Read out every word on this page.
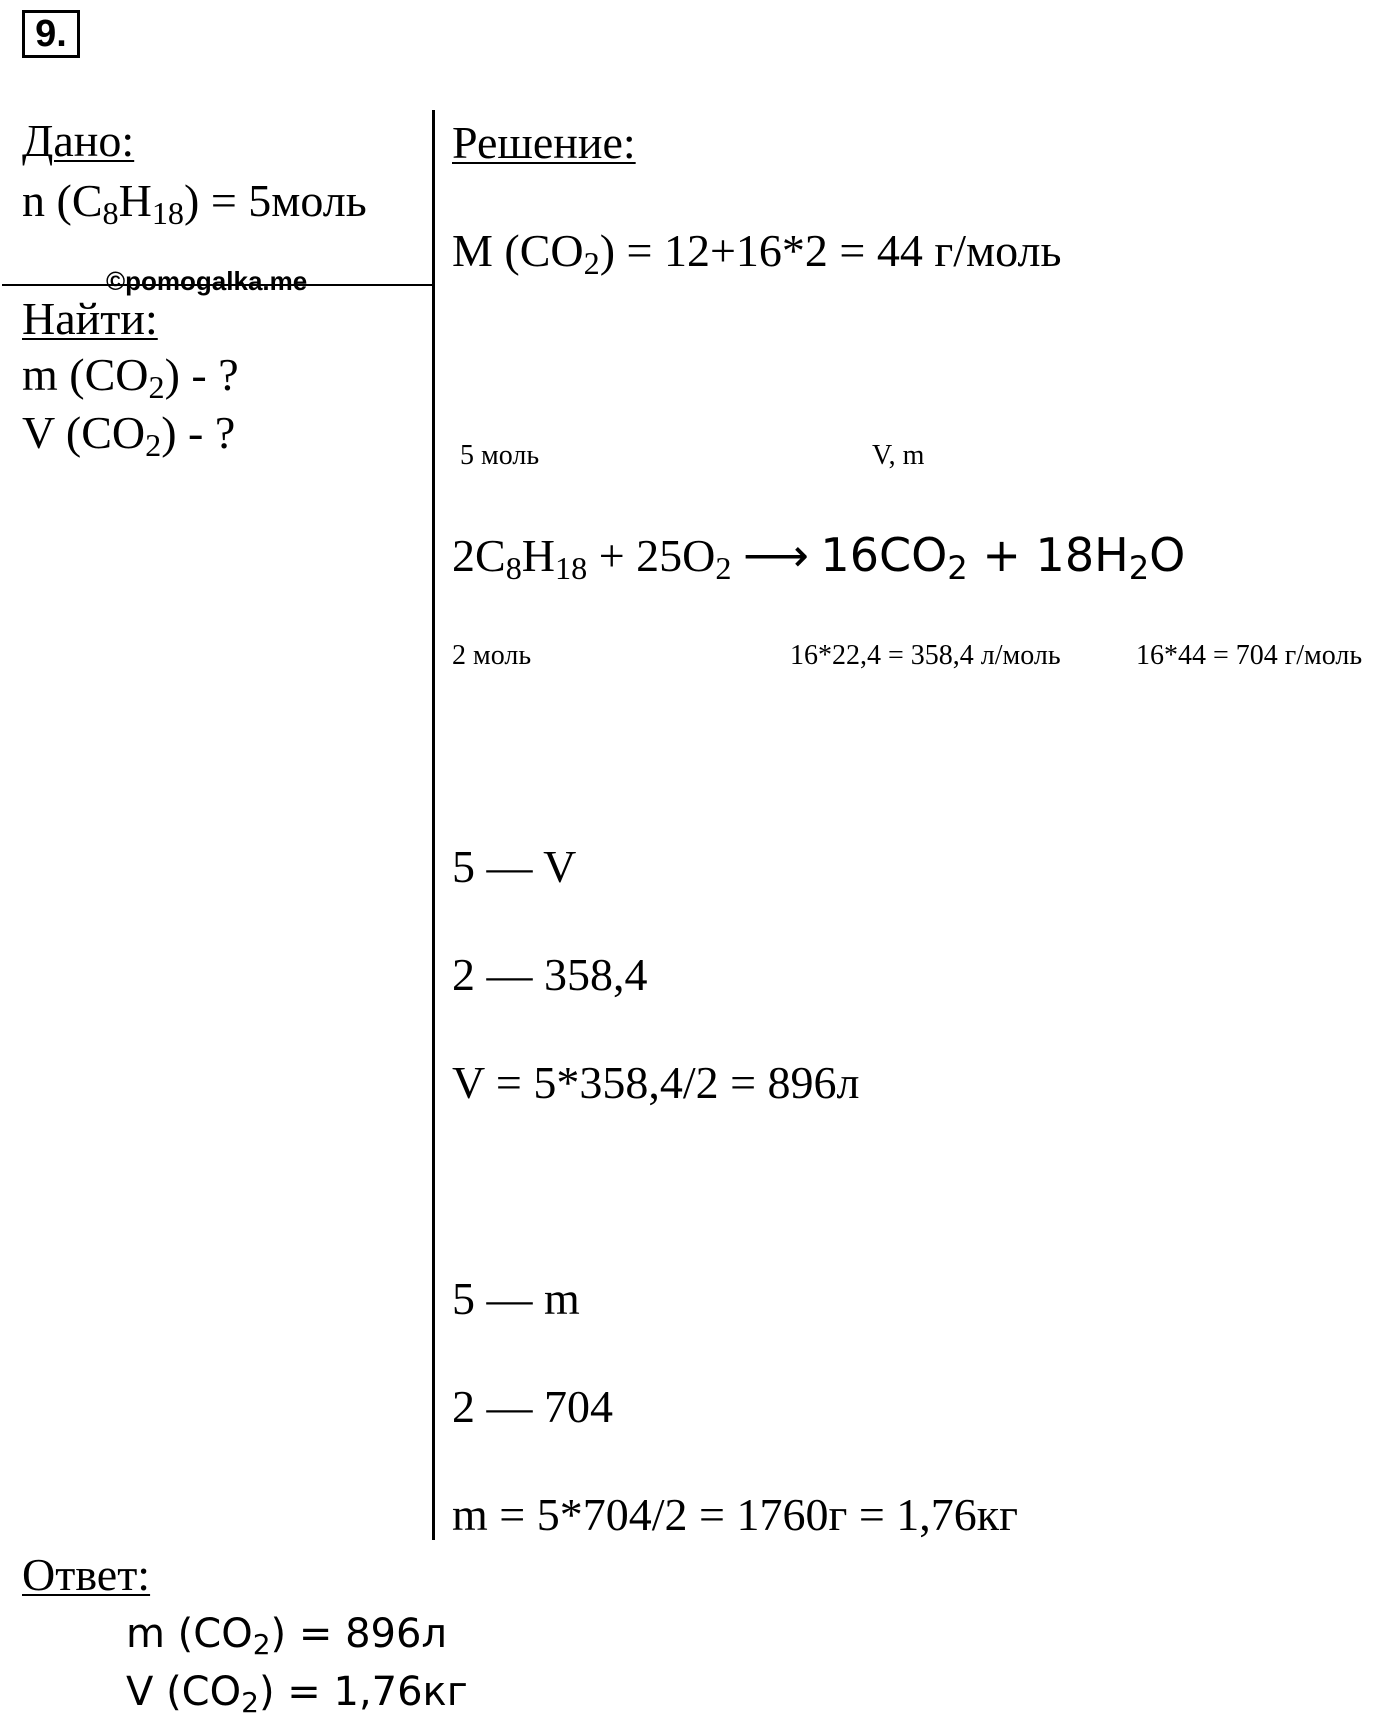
9.
©pomogalka.me
Дано:
n $(C_8H_{18})$ = 5моль
Найти:
m $(CO_2)$ - ?
V $(CO_2)$ - ?
Решение:
M $(CO_2) = 12+16*2 = 44$ г/моль
5 моль	V, m
$2C_8H_{18} + 25O_2$ ⟶ $16CO_2 + 18H_2O$
2 моль	16*22,4 = 358,4 л/моль	16*44 = 704 г/моль
5 — V
2 — 358,4
V = 5*358,4/2 = 896л
5 — m
2 — 704
m = 5*704/2 = 1760г = 1,76кг
Ответ:
m $(CO_2) = 896л$
V $(CO_2) = 1,76кг$
